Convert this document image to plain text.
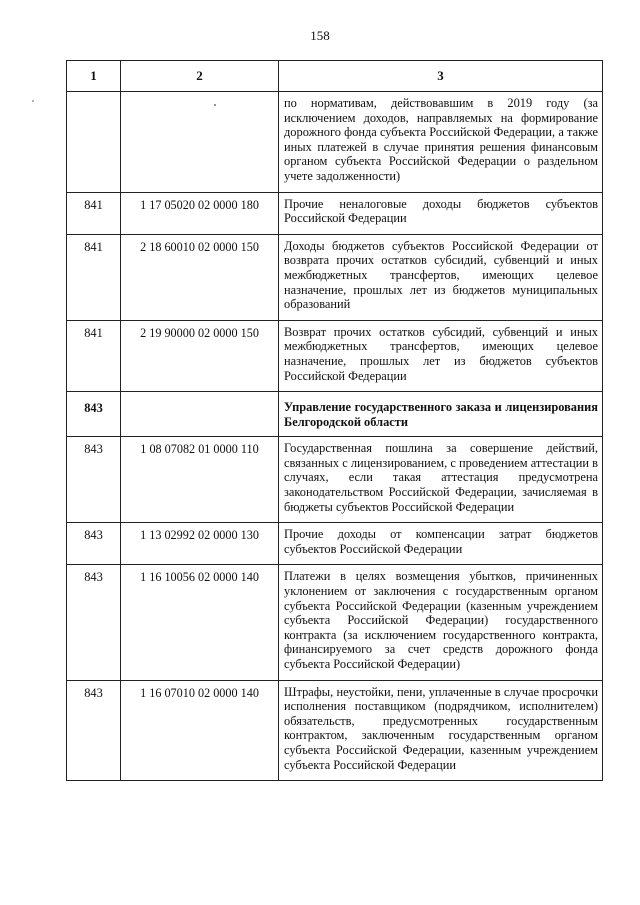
158
1	2	3
		по нормативам, действовавшим в 2019 году (за исключением доходов, направляемых на формирование дорожного фонда субъекта Российской Федерации, а также иных платежей в случае принятия решения финансовым органом субъекта Российской Федерации о раздельном учете задолженности)
841	1 17 05020 02 0000 180	Прочие неналоговые доходы бюджетов субъектов Российской Федерации
841	2 18 60010 02 0000 150	Доходы бюджетов субъектов Российской Федерации от возврата прочих остатков субсидий, субвенций и иных межбюджетных трансфертов, имеющих целевое назначение, прошлых лет из бюджетов муниципальных образований
841	2 19 90000 02 0000 150	Возврат прочих остатков субсидий, субвенций и иных межбюджетных трансфертов, имеющих целевое назначение, прошлых лет из бюджетов субъектов Российской Федерации
843		Управление государственного заказа и лицензирования Белгородской области
843	1 08 07082 01 0000 110	Государственная пошлина за совершение действий, связанных с лицензированием, с проведением аттестации в случаях, если такая аттестация предусмотрена законодательством Российской Федерации, зачисляемая в бюджеты субъектов Российской Федерации
843	1 13 02992 02 0000 130	Прочие доходы от компенсации затрат бюджетов субъектов Российской Федерации
843	1 16 10056 02 0000 140	Платежи в целях возмещения убытков, причиненных уклонением от заключения с государственным органом субъекта Российской Федерации (казенным учреждением субъекта Российской Федерации) государственного контракта (за исключением государственного контракта, финансируемого за счет средств дорожного фонда субъекта Российской Федерации)
843	1 16 07010 02 0000 140	Штрафы, неустойки, пени, уплаченные в случае просрочки исполнения поставщиком (подрядчиком, исполнителем) обязательств, предусмотренных государственным контрактом, заключенным государственным органом субъекта Российской Федерации, казенным учреждением субъекта Российской Федерации
